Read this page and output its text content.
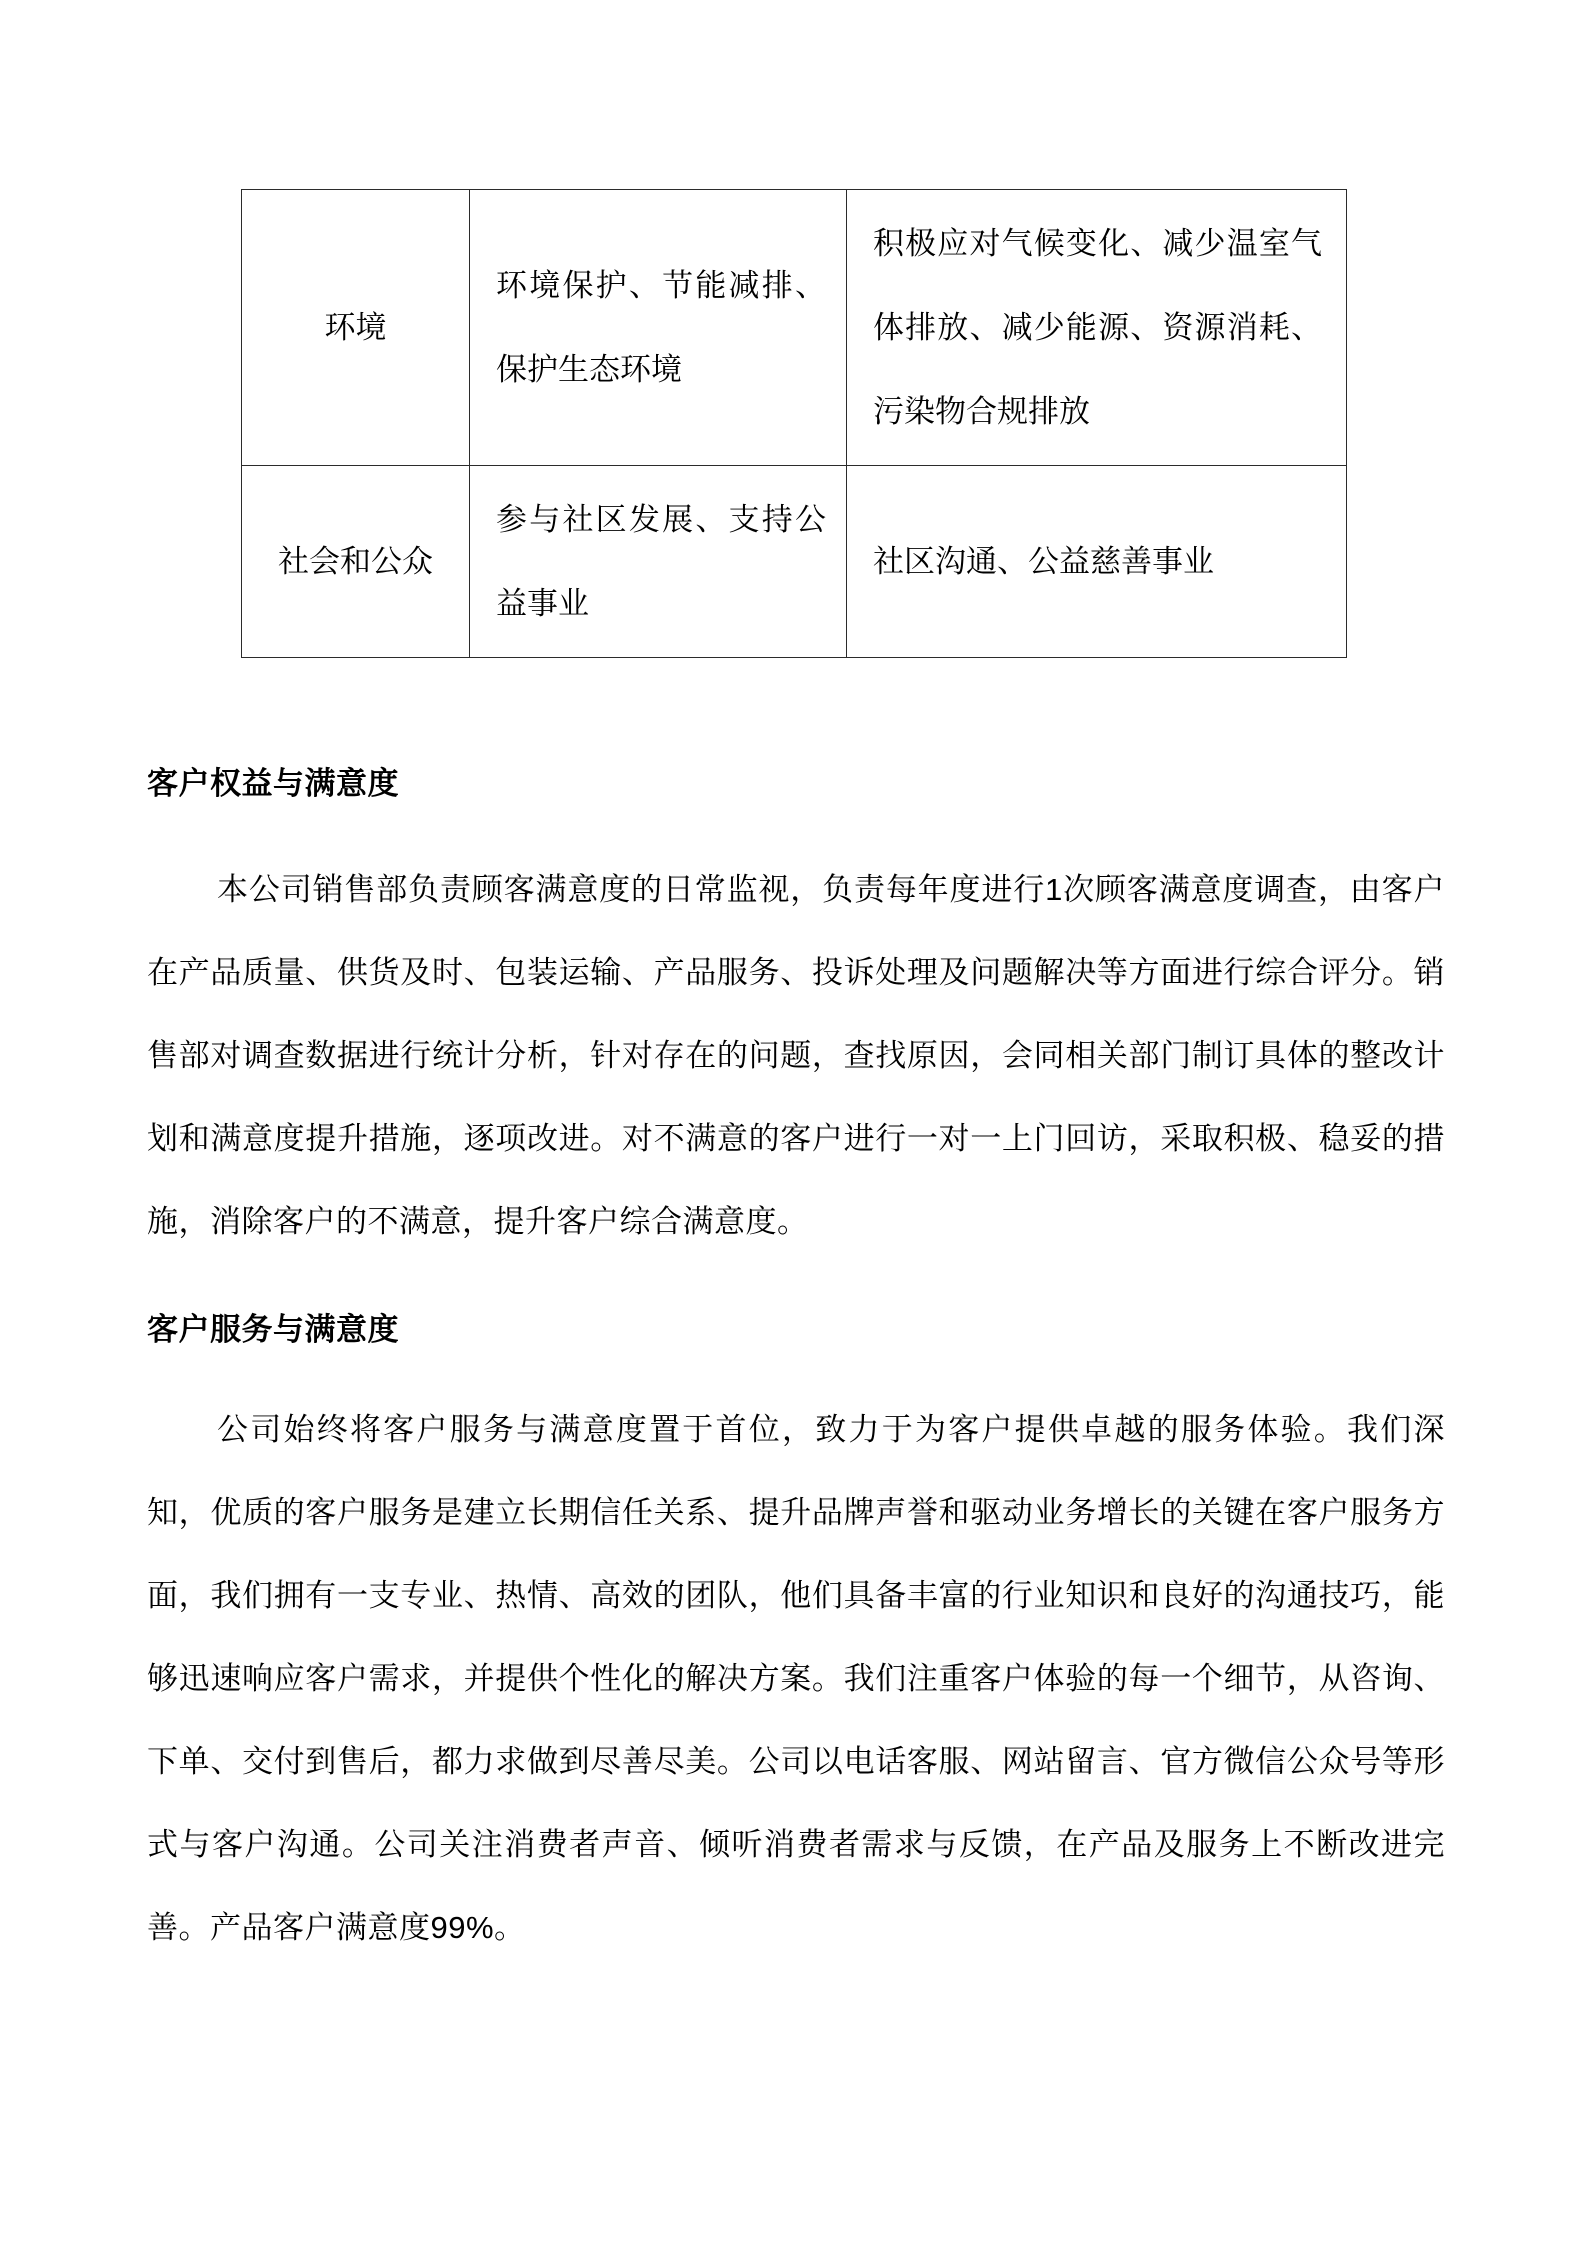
环境	环境保护、节能减排、保护生态环境	积极应对气候变化、减少温室气体排放、减少能源、资源消耗、污染物合规排放
社会和公众	参与社区发展、支持公益事业	社区沟通、公益慈善事业
客户权益与满意度

本公司销售部负责顾客满意度的日常监视，负责每年度进行1次顾客满意度调查，由客户在产品质量、供货及时、包装运输、产品服务、投诉处理及问题解决等方面进行综合评分。销售部对调查数据进行统计分析，针对存在的问题，查找原因，会同相关部门制订具体的整改计划和满意度提升措施，逐项改进。对不满意的客户进行一对一上门回访，采取积极、稳妥的措施，消除客户的不满意，提升客户综合满意度。

客户服务与满意度

公司始终将客户服务与满意度置于首位，致力于为客户提供卓越的服务体验。我们深知，优质的客户服务是建立长期信任关系、提升品牌声誉和驱动业务增长的关键在客户服务方面，我们拥有一支专业、热情、高效的团队，他们具备丰富的行业知识和良好的沟通技巧，能够迅速响应客户需求，并提供个性化的解决方案。我们注重客户体验的每一个细节，从咨询、下单、交付到售后，都力求做到尽善尽美。公司以电话客服、网站留言、官方微信公众号等形式与客户沟通。公司关注消费者声音、倾听消费者需求与反馈，在产品及服务上不断改进完善。产品客户满意度99%。
